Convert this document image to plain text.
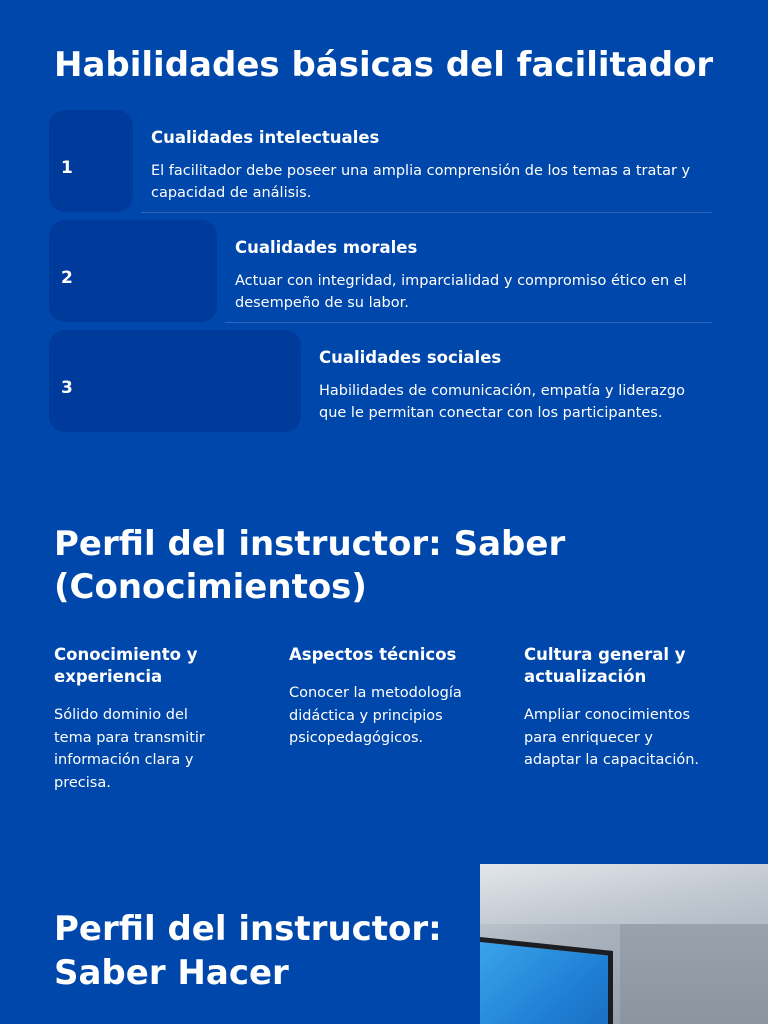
Habilidades básicas del facilitador
1

Cualidades intelectuales

El facilitador debe poseer una amplia comprensión de los temas a tratar y capacidad de análisis.

2

Cualidades morales

Actuar con integridad, imparcialidad y compromiso ético en el desempeño de su labor.

3

Cualidades sociales

Habilidades de comunicación, empatía y liderazgo que le permitan conectar con los participantes.

Perfil del instructor: Saber (Conocimientos)

Conocimiento y experiencia

Sólido dominio del tema para transmitir información clara y precisa.

Aspectos técnicos

Conocer la metodología didáctica y principios psicopedagógicos.

Cultura general y actualización

Ampliar conocimientos para enriquecer y adaptar la capacitación.

Perfil del instructor: Saber Hacer
